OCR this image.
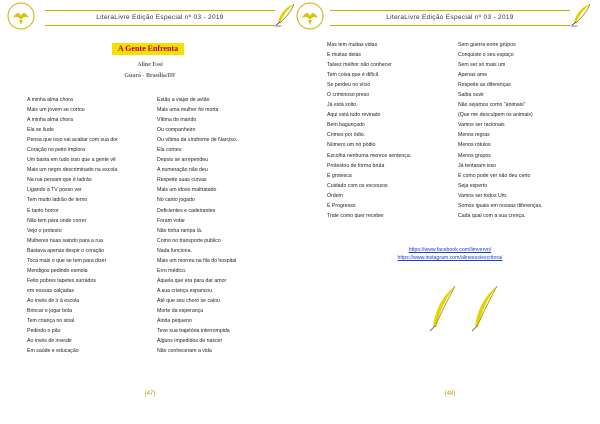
LiteraLivre Edição Especial nº 03 - 2019
A Gente Enfrenta
Aline Essi
Guará - Brasília/DF
A minha alma chora
Mais um jovem se cortou
A minha alma chora
Ela se ilude
Pensa que isso vai acabar com sua dor
Coração no peito implora
Um basta em tudo isso que a gente vê
Mais um negro descriminado na escola
Na rua persam que é ladrão
Ligando a TV posso ver
Tem muito ladrão de terno
É tanto horror
Não tem para onde correr
Vejo o protesto
Mulheres nuas saindo para a rua
Bastava apenas despir o coração
Toca mais o que se tem para dizer
Mendigos pedindo esmola
Feito pobres tapetes surrados
em nossas calçadas
Ao invés de ir à escola
Brincar e jogar bola
Tem criança no sinal
Pedindo o pão
Ao invés de investir
Em saúde e educação
Estão a viajar de avião
Mais uma mulher foi morta
Vítima do marido
Ou companheiro
Ou vítima da síndrome de Narciso.
Ela comeu
Depois se arrependeu
A numeração não deu
Respeite suas curvas
Mais um idoso maltratado
No canto jogado
Deficientes e cadeirantes
Foram votar
Não tinha rampa lá.
Como no transporte publico
Nada funciona.
Mais um morreu na fila do hospital
Erro médico.
Aquela que era para dar amor
A sua criança espancou
Até que seu choro se calou
Morte da esperança
Ainda pequeno
Teve sua trajetória interrompida
Alguns impedidos de nascer
Não conheceram a vida
[47]
LiteraLivre Edição Especial nº 03 - 2019
Mas tem muitas vidas
E muitas delas
Talvez melhor não conhecer
Tem coisa que é difícil.
Se perdeu no vício
O criminoso preso
Já está solto.
Aqui está tudo revirado
Bem bagunçado
Crimes por ódio.
Número um no pódio
Escolha nenhuma merece sentença.
Protestou de forma bruta
É grotesca
Cuidado com os excessos
Ordem
É Progresso
Trate como quer receber
Sem guerra entre grupos
Conquiste o seu espaço
Sem ser só mais um
Apenas ame
Respeite as diferenças
Saiba ouvir
Não sejamos como "animais"
(Que me desculpem os animais)
Vamos ser racionais
Menos regras
Menos rótulos
Menos grupos
Já tentaram isso
É como pode ver não deu certo
Seja esperto
Vamos ser todos Um.
Somos iguais em nossas diferenças.
Cada qual com a sua crença.
https://www.facebook.com/limvervn/
https://www.instagram.com/alineessiescritora/
[48]
